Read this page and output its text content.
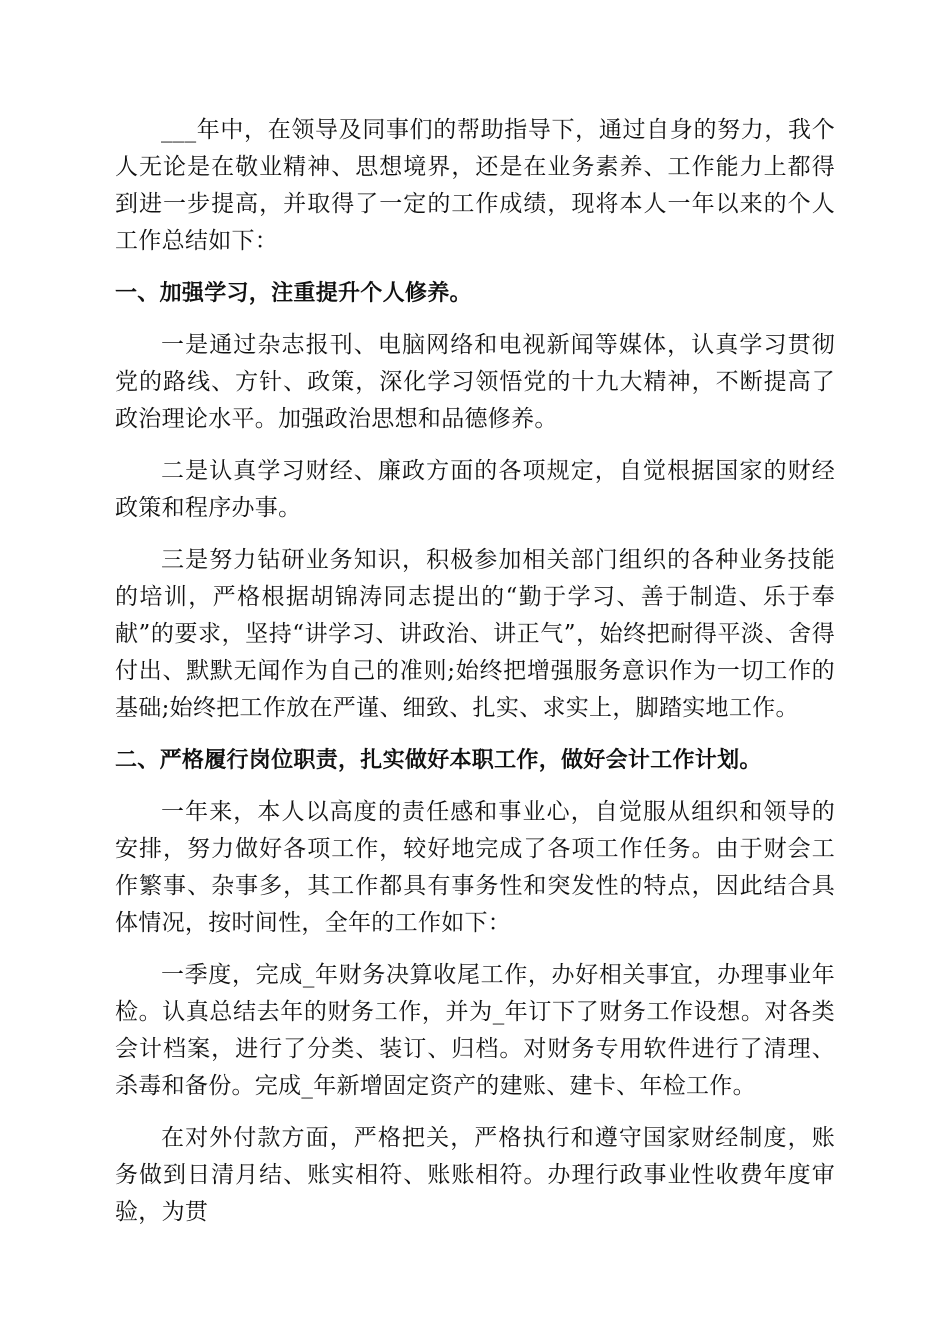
___年中，在领导及同事们的帮助指导下，通过自身的努力，我个人无论是在敬业精神、思想境界，还是在业务素养、工作能力上都得到进一步提高，并取得了一定的工作成绩，现将本人一年以来的个人工作总结如下：

一、加强学习，注重提升个人修养。

一是通过杂志报刊、电脑网络和电视新闻等媒体，认真学习贯彻党的路线、方针、政策，深化学习领悟党的十九大精神，不断提高了政治理论水平。加强政治思想和品德修养。

二是认真学习财经、廉政方面的各项规定，自觉根据国家的财经政策和程序办事。

三是努力钻研业务知识，积极参加相关部门组织的各种业务技能的培训，严格根据胡锦涛同志提出的“勤于学习、善于制造、乐于奉献”的要求，坚持“讲学习、讲政治、讲正气”，始终把耐得平淡、舍得付出、默默无闻作为自己的准则;始终把增强服务意识作为一切工作的基础;始终把工作放在严谨、细致、扎实、求实上，脚踏实地工作。

二、严格履行岗位职责，扎实做好本职工作，做好会计工作计划。

一年来，本人以高度的责任感和事业心，自觉服从组织和领导的安排，努力做好各项工作，较好地完成了各项工作任务。由于财会工作繁事、杂事多，其工作都具有事务性和突发性的特点，因此结合具体情况，按时间性，全年的工作如下：

一季度，完成_年财务决算收尾工作，办好相关事宜，办理事业年检。认真总结去年的财务工作，并为_年订下了财务工作设想。对各类会计档案，进行了分类、装订、归档。对财务专用软件进行了清理、杀毒和备份。完成_年新增固定资产的建账、建卡、年检工作。

在对外付款方面，严格把关，严格执行和遵守国家财经制度，账务做到日清月结、账实相符、账账相符。办理行政事业性收费年度审验，为贯
